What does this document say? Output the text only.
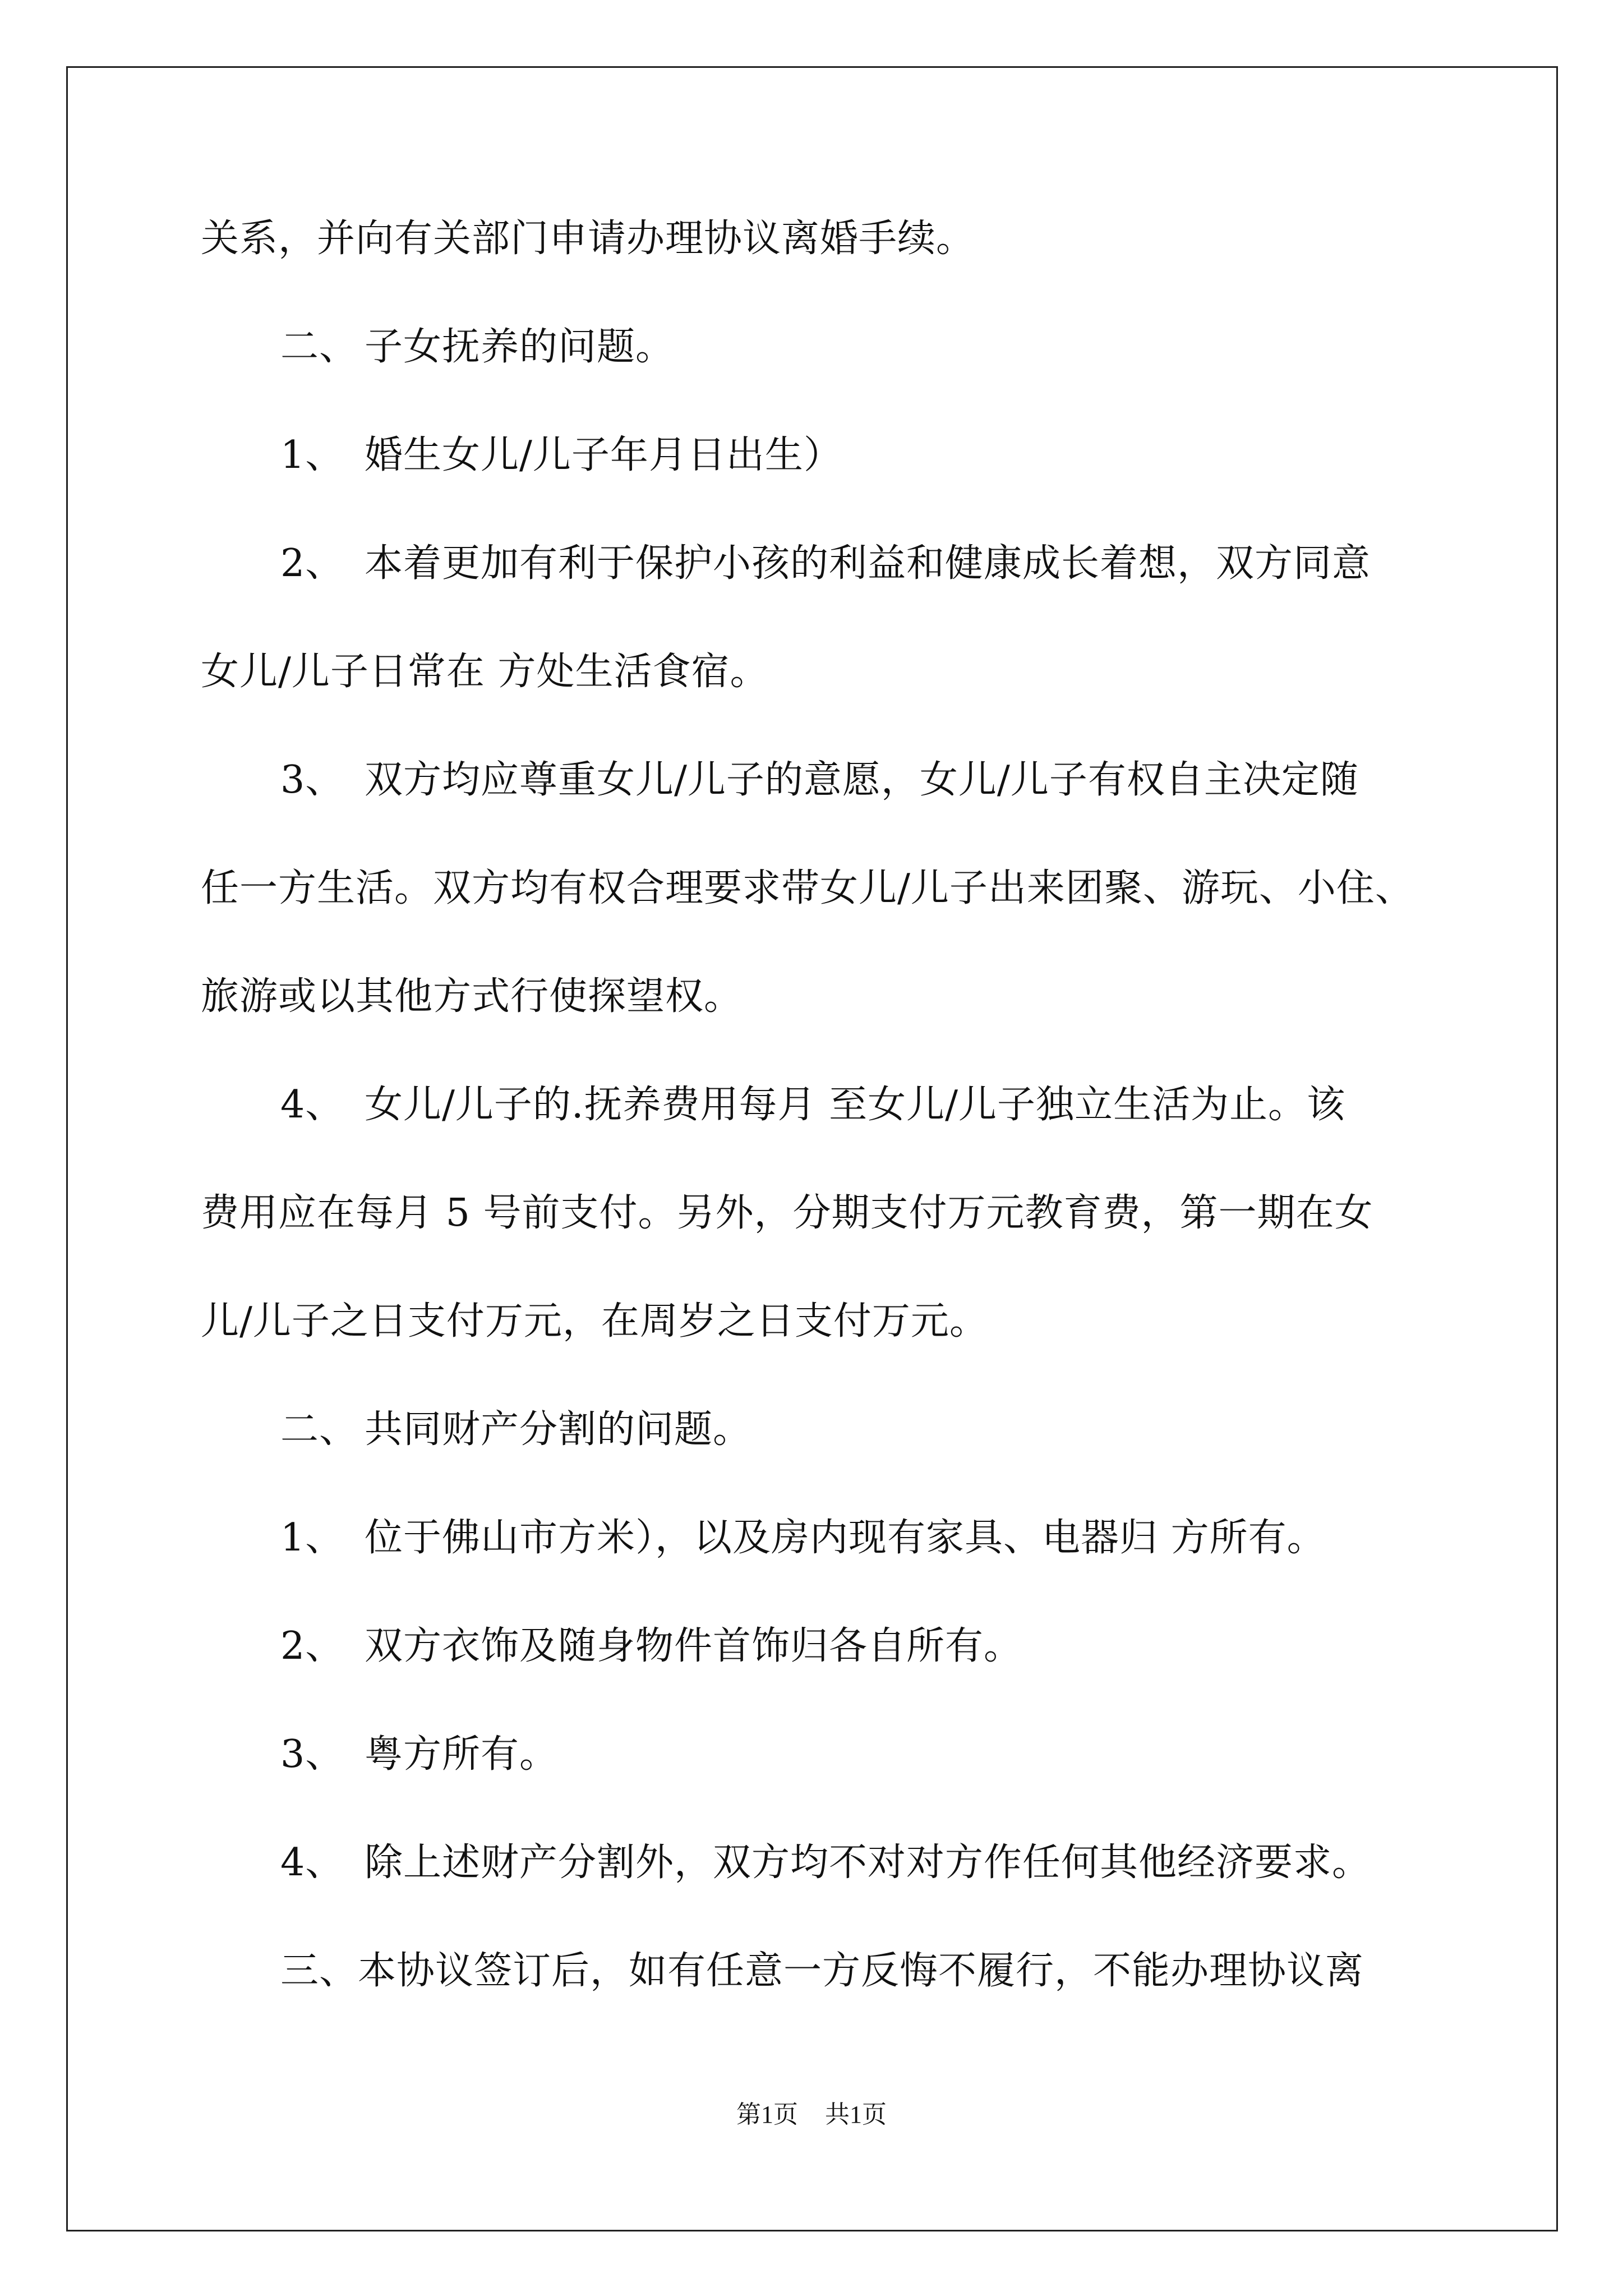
关系，并向有关部门申请办理协议离婚手续。
二、 子女抚养的问题。
1、 婚生女儿/儿子年月日出生）
2、 本着更加有利于保护小孩的利益和健康成长着想，双方同意
女儿/儿子日常在 方处生活食宿。
3、 双方均应尊重女儿/儿子的意愿，女儿/儿子有权自主决定随
任一方生活。双方均有权合理要求带女儿/儿子出来团聚、游玩、小住、
旅游或以其他方式行使探望权。
4、 女儿/儿子的.抚养费用每月 至女儿/儿子独立生活为止。该
费用应在每月 5 号前支付。另外，分期支付万元教育费，第一期在女
儿/儿子之日支付万元，在周岁之日支付万元。
二、 共同财产分割的问题。
1、 位于佛山市方米），以及房内现有家具、电器归 方所有。
2、 双方衣饰及随身物件首饰归各自所有。
3、 粤方所有。
4、 除上述财产分割外，双方均不对对方作任何其他经济要求。
三、本协议签订后，如有任意一方反悔不履行，不能办理协议离
第1页 共1页
